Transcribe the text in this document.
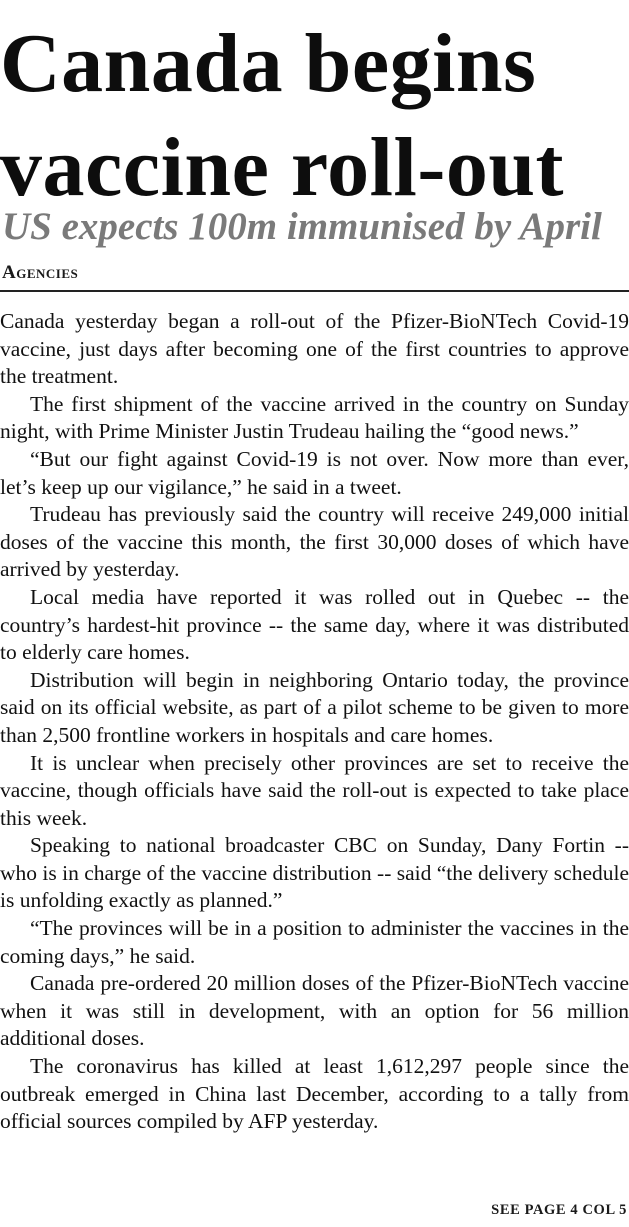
Canada begins
vaccine roll-out
US expects 100m immunised by April
Agencies

Canada yesterday began a roll-out of the Pfizer-BioNTech Covid-19 vaccine, just days after becoming one of the first countries to approve the treatment.

The first shipment of the vaccine arrived in the country on Sunday night, with Prime Minister Justin Trudeau hailing the “good news.”

“But our fight against Covid-19 is not over. Now more than ever, let’s keep up our vigilance,” he said in a tweet.

Trudeau has previously said the country will receive 249,000 initial doses of the vaccine this month, the first 30,000 doses of which have arrived by yesterday.

Local media have reported it was rolled out in Quebec -- the country’s hardest-hit province -- the same day, where it was distributed to elderly care homes.

Distribution will begin in neighboring Ontario today, the province said on its official website, as part of a pilot scheme to be given to more than 2,500 frontline workers in hospitals and care homes.

It is unclear when precisely other provinces are set to receive the vaccine, though officials have said the roll-out is expected to take place this week.

Speaking to national broadcaster CBC on Sunday, Dany Fortin -- who is in charge of the vaccine distribution -- said “the delivery schedule is unfolding exactly as planned.”

“The provinces will be in a position to administer the vaccines in the coming days,” he said.

Canada pre-ordered 20 million doses of the Pfizer-BioNTech vaccine when it was still in development, with an option for 56 million additional doses.

The coronavirus has killed at least 1,612,297 people since the outbreak emerged in China last December, according to a tally from official sources compiled by AFP yesterday.

SEE PAGE 4 COL 5
